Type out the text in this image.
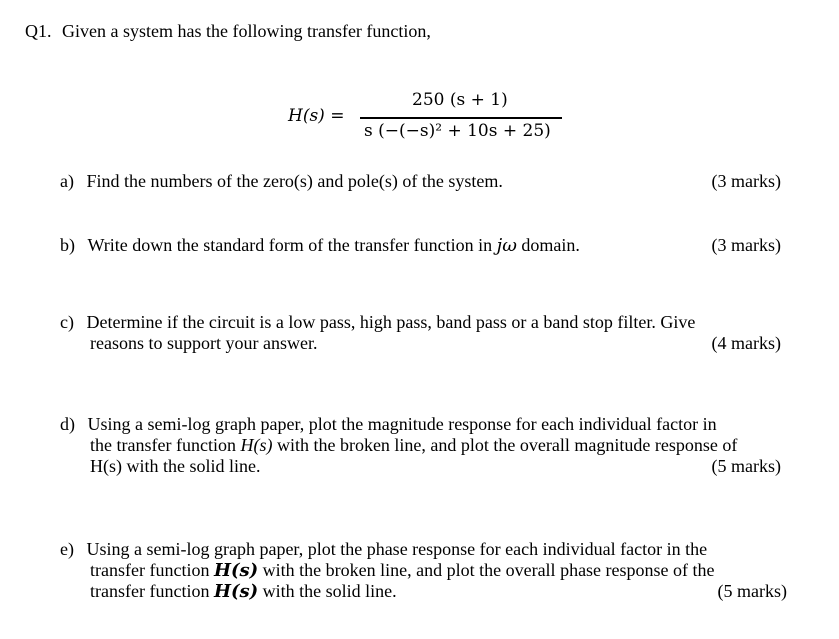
Q1. Given a system has the following transfer function,
H(s) =
250 (s + 1)
s (−(−s)² + 10s + 25)
a) Find the numbers of the zero(s) and pole(s) of the system.	(3 marks)
b) Write down the standard form of the transfer function in jω domain.	(3 marks)
c) Determine if the circuit is a low pass, high pass, band pass or a band stop filter. Give
reasons to support your answer.	(4 marks)
d) Using a semi-log graph paper, plot the magnitude response for each individual factor in
the transfer function H(s) with the broken line, and plot the overall magnitude response of
H(s) with the solid line.	(5 marks)
e) Using a semi-log graph paper, plot the phase response for each individual factor in the
transfer function H(s) with the broken line, and plot the overall phase response of the
transfer function H(s) with the solid line.	(5 marks)
